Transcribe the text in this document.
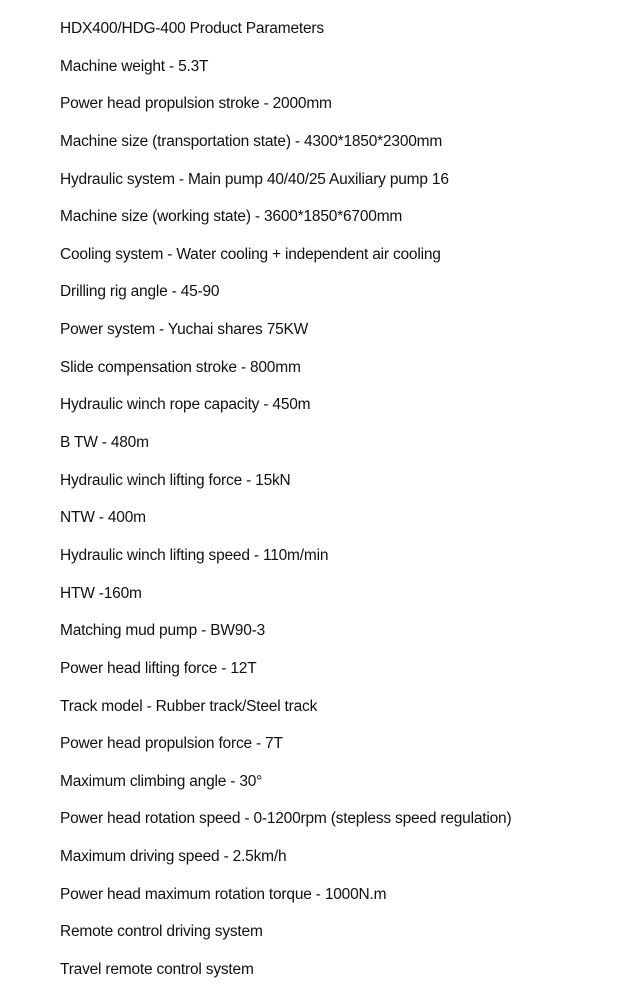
HDX400/HDG-400 Product Parameters
Machine weight - 5.3T
Power head propulsion stroke - 2000mm
Machine size (transportation state) - 4300*1850*2300mm
Hydraulic system - Main pump 40/40/25 Auxiliary pump 16
Machine size (working state) - 3600*1850*6700mm
Cooling system - Water cooling + independent air cooling
Drilling rig angle - 45-90
Power system - Yuchai shares 75KW
Slide compensation stroke - 800mm
Hydraulic winch rope capacity - 450m
B TW - 480m
Hydraulic winch lifting force - 15kN
NTW - 400m
Hydraulic winch lifting speed - 110m/min
HTW -160m
Matching mud pump - BW90-3
Power head lifting force - 12T
Track model - Rubber track/Steel track
Power head propulsion force - 7T
Maximum climbing angle - 30°
Power head rotation speed - 0-1200rpm (stepless speed regulation)
Maximum driving speed - 2.5km/h
Power head maximum rotation torque - 1000N.m
Remote control driving system
Travel remote control system
